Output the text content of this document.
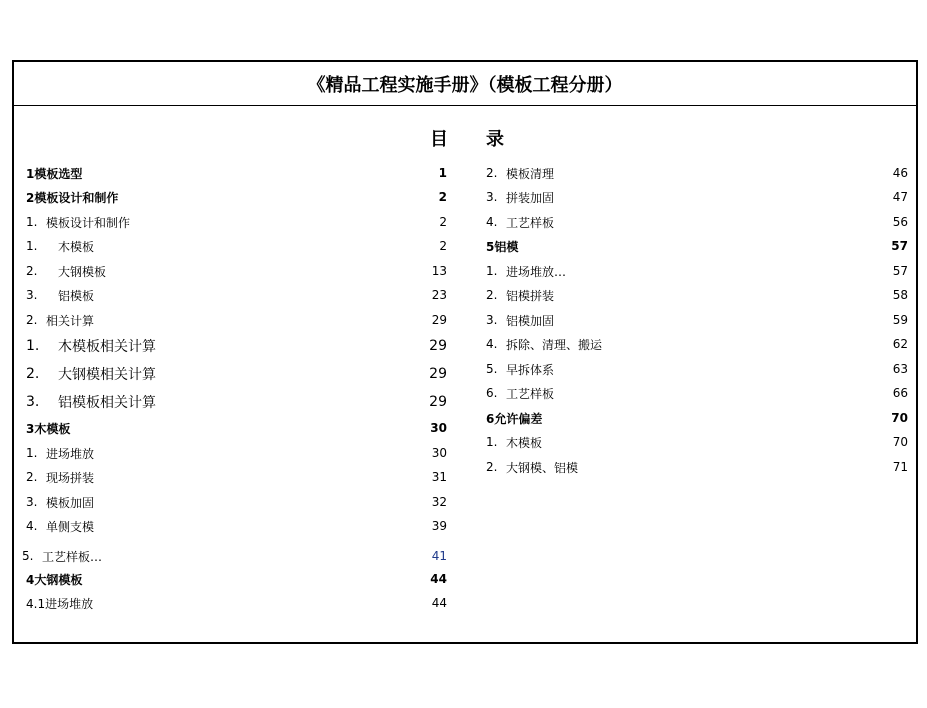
《精品工程实施手册》（模板工程分册）
目 录
1模板选型	1
2模板设计和制作	2
1. 模板设计和制作	2
1.	木模板	2
2.	大钢模板	13
3.	铝模板	23
2. 相关计算	29
1.	木模板相关计算	29
2.	大钢模相关计算	29
3.	铝模板相关计算	29
3木模板	30
1. 进场堆放	30
2. 现场拼装	31
3. 模板加固	32
4. 单侧支模	39
5. 工艺样板…	41
4大钢模板	44
4.1进场堆放	44
2. 模板清理	46
3. 拼装加固	47
4. 工艺样板	56
5铝模	57
1. 进场堆放…	57
2. 铝模拼装	58
3. 铝模加固	59
4. 拆除、清理、搬运	62
5. 早拆体系	63
6. 工艺样板	66
6允许偏差	70
1. 木模板	70
2. 大钢模、铝模	71
